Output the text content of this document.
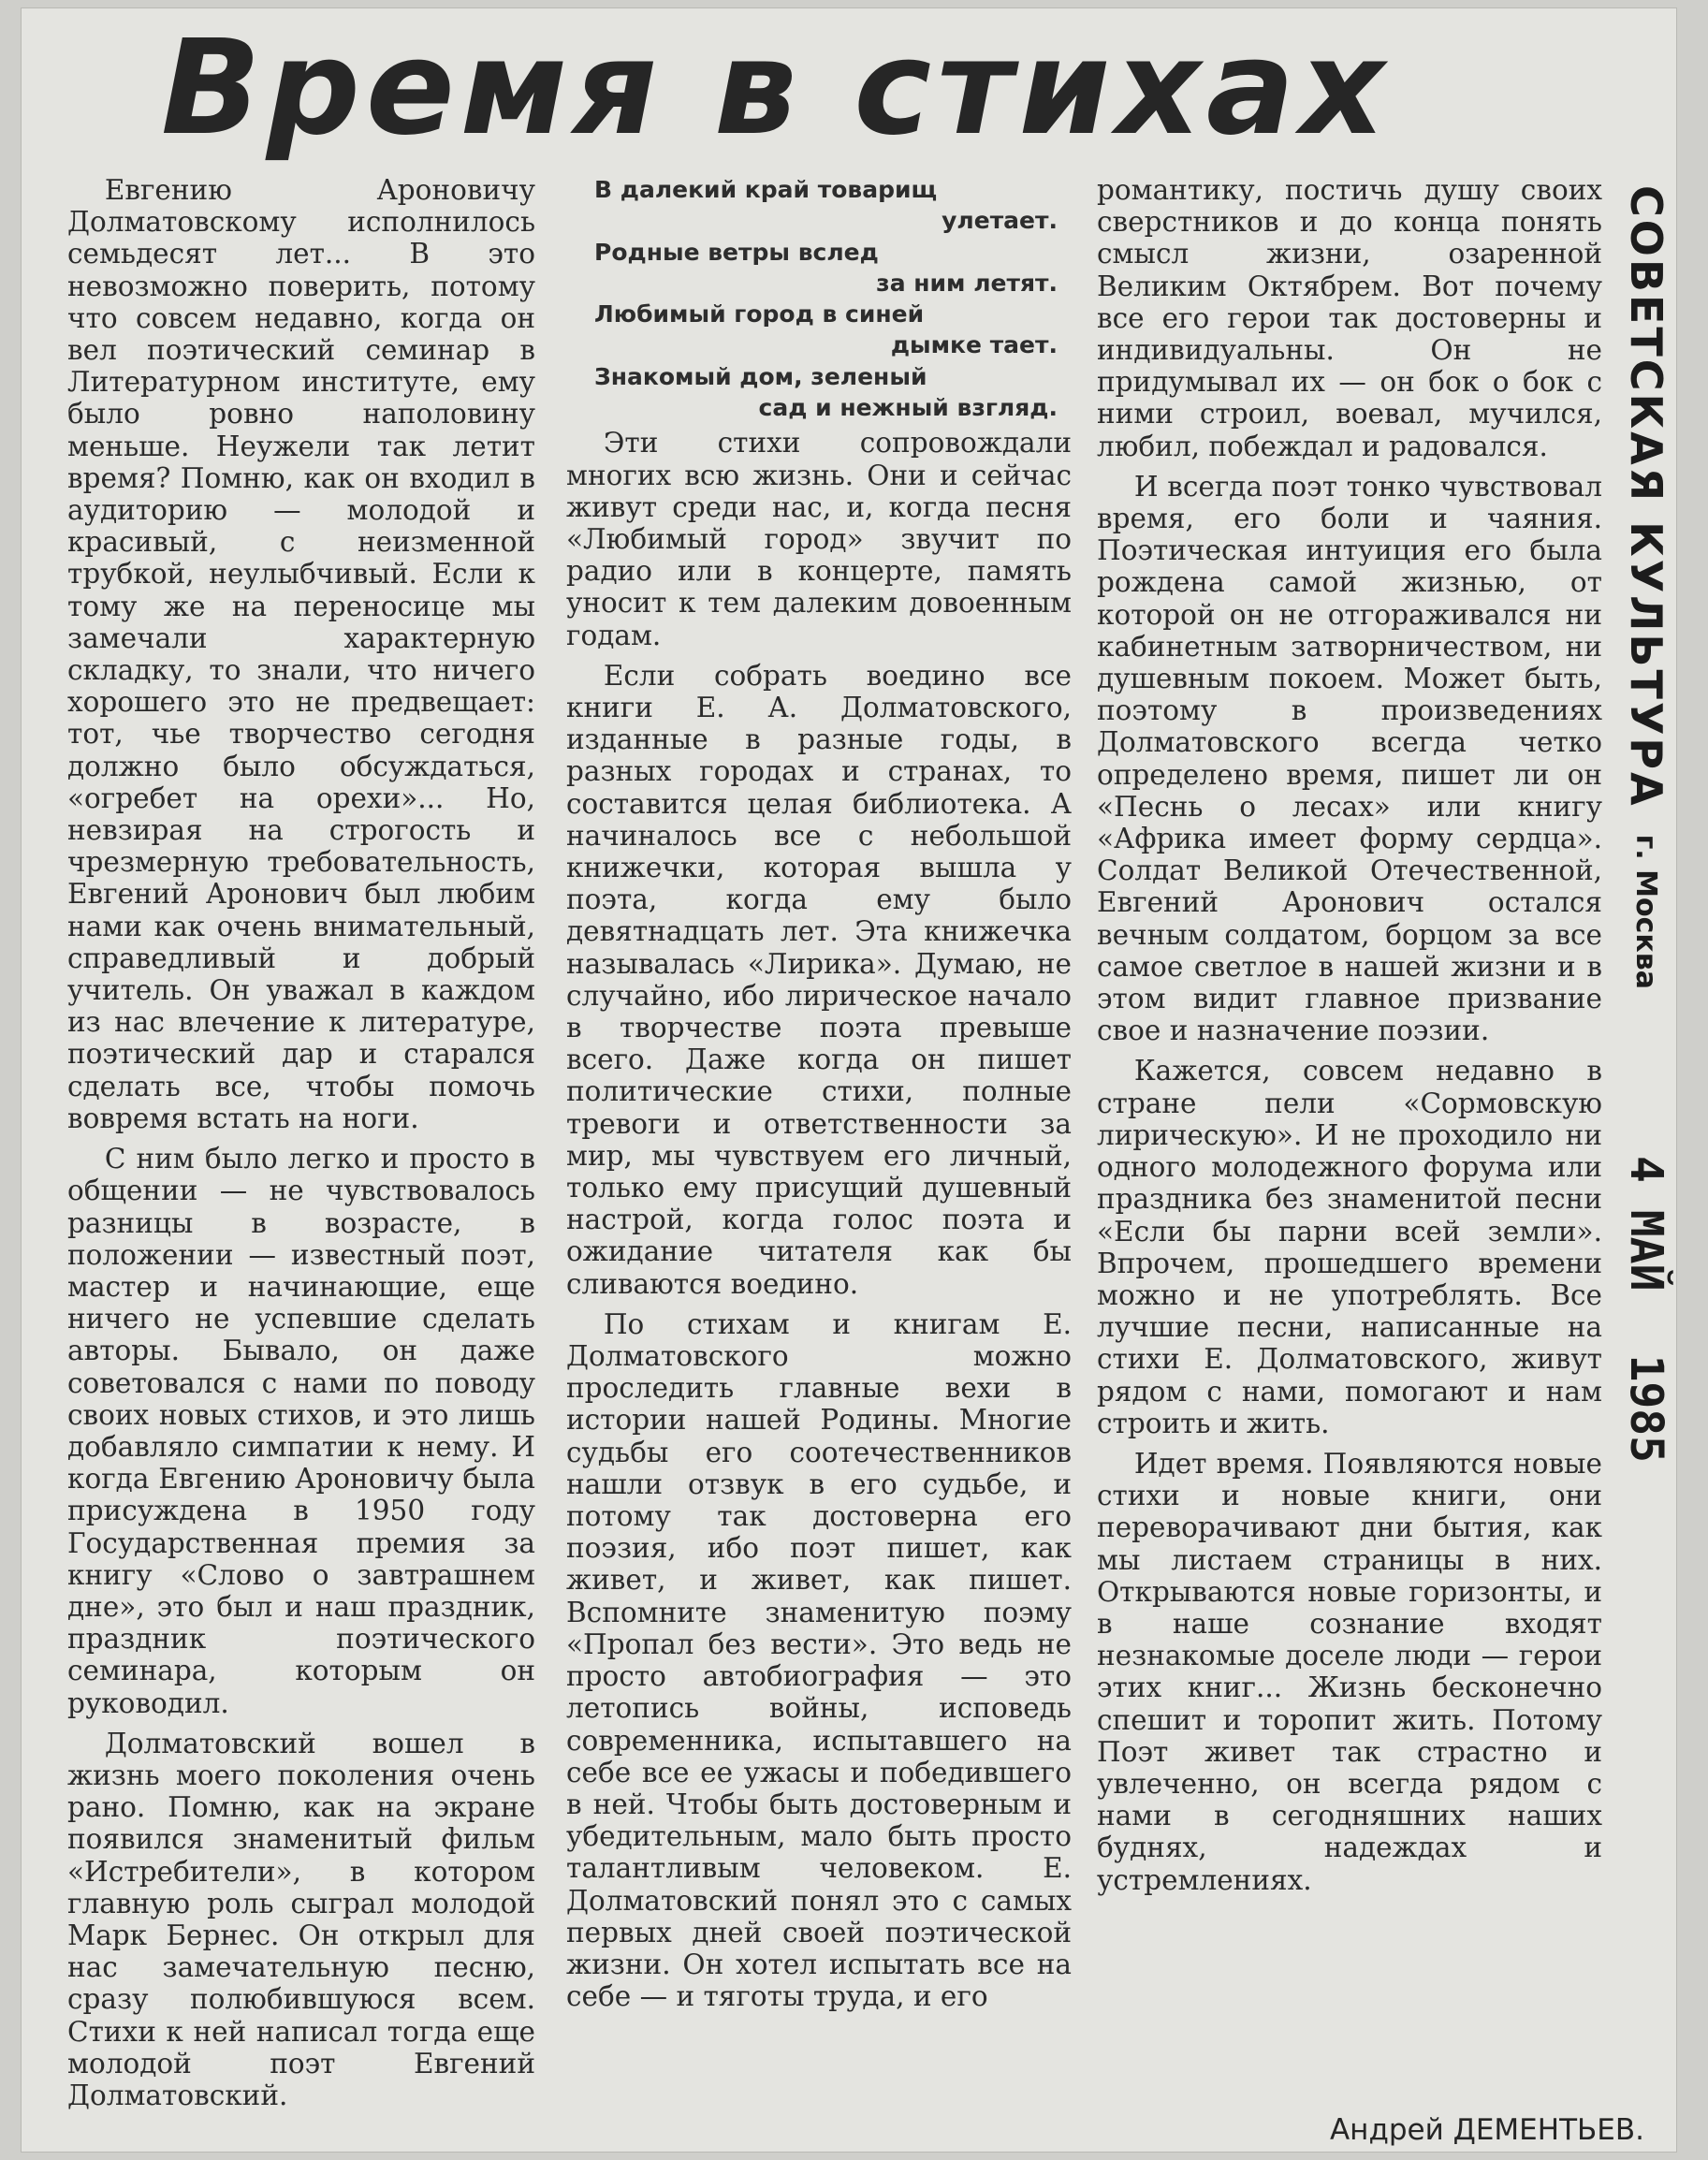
Время в стихах

Евгению Ароновичу Долматовскому исполнилось семьдесят лет... В это невозможно поверить, потому что совсем недавно, когда он вел поэтический семинар в Литературном институте, ему было ровно наполовину меньше. Неужели так летит время? Помню, как он входил в аудиторию — молодой и красивый, с неизменной трубкой, неулыбчивый. Если к тому же на переносице мы замечали характерную складку, то знали, что ничего хорошего это не предвещает: тот, чье творчество сегодня должно было обсуждаться, «огребет на орехи»... Но, невзирая на строгость и чрезмерную требовательность, Евгений Аронович был любим нами как очень внимательный, справедливый и добрый учитель. Он уважал в каждом из нас влечение к литературе, поэтический дар и старался сделать все, чтобы помочь вовремя встать на ноги.

С ним было легко и просто в общении — не чувствовалось разницы в возрасте, в положении — известный поэт, мастер и начинающие, еще ничего не успевшие сделать авторы. Бывало, он даже советовался с нами по поводу своих новых стихов, и это лишь добавляло симпатии к нему. И когда Евгению Ароновичу была присуждена в 1950 году Государственная премия за книгу «Слово о завтрашнем дне», это был и наш праздник, праздник поэтического семинара, которым он руководил.

Долматовский вошел в жизнь моего поколения очень рано. Помню, как на экране появился знаменитый фильм «Истребители», в котором главную роль сыграл молодой Марк Бернес. Он открыл для нас замечательную песню, сразу полюбившуюся всем. Стихи к ней написал тогда еще молодой поэт Евгений Долматовский.

В далекий край товарищ
улетает.
Родные ветры вслед
за ним летят.
Любимый город в синей
дымке тает.
Знакомый дом, зеленый
сад и нежный взгляд.

Эти стихи сопровождали многих всю жизнь. Они и сейчас живут среди нас, и, когда песня «Любимый город» звучит по радио или в концерте, память уносит к тем далеким довоенным годам.

Если собрать воедино все книги Е. А. Долматовского, изданные в разные годы, в разных городах и странах, то составится целая библиотека. А начиналось все с небольшой книжечки, которая вышла у поэта, когда ему было девятнадцать лет. Эта книжечка называлась «Лирика». Думаю, не случайно, ибо лирическое начало в творчестве поэта превыше всего. Даже когда он пишет политические стихи, полные тревоги и ответственности за мир, мы чувствуем его личный, только ему присущий душевный настрой, когда голос поэта и ожидание читателя как бы сливаются воедино.

По стихам и книгам Е. Долматовского можно проследить главные вехи в истории нашей Родины. Многие судьбы его соотечественников нашли отзвук в его судьбе, и потому так достоверна его поэзия, ибо поэт пишет, как живет, и живет, как пишет. Вспомните знаменитую поэму «Пропал без вести». Это ведь не просто автобиография — это летопись войны, исповедь современника, испытавшего на себе все ее ужасы и победившего в ней. Чтобы быть достоверным и убедительным, мало быть просто талантливым человеком. Е. Долматовский понял это с самых первых дней своей поэтической жизни. Он хотел испытать все на себе — и тяготы труда, и его

романтику, постичь душу своих сверстников и до конца понять смысл жизни, озаренной Великим Октябрем. Вот почему все его герои так достоверны и индивидуальны. Он не придумывал их — он бок о бок с ними строил, воевал, мучился, любил, побеждал и радовался.

И всегда поэт тонко чувствовал время, его боли и чаяния. Поэтическая интуиция его была рождена самой жизнью, от которой он не отгораживался ни кабинетным затворничеством, ни душевным покоем. Может быть, поэтому в произведениях Долматовского всегда четко определено время, пишет ли он «Песнь о лесах» или книгу «Африка имеет форму сердца». Солдат Великой Отечественной, Евгений Аронович остался вечным солдатом, борцом за все самое светлое в нашей жизни и в этом видит главное призвание свое и назначение поэзии.

Кажется, совсем недавно в стране пели «Сормовскую лирическую». И не проходило ни одного молодежного форума или праздника без знаменитой песни «Если бы парни всей земли». Впрочем, прошедшего времени можно и не употреблять. Все лучшие песни, написанные на стихи Е. Долматовского, живут рядом с нами, помогают и нам строить и жить.

Идет время. Появляются новые стихи и новые книги, они переворачивают дни бытия, как мы листаем страницы в них. Открываются новые горизонты, и в наше сознание входят незнакомые доселе люди — герои этих книг... Жизнь бесконечно спешит и торопит жить. Потому Поэт живет так страстно и увлеченно, он всегда рядом с нами в сегодняшних наших буднях, надеждах и устремлениях.

Андрей ДЕМЕНТЬЕВ.

СОВЕТСКАЯ КУЛЬТУРА
г. Москва
4 МАЙ
1985
